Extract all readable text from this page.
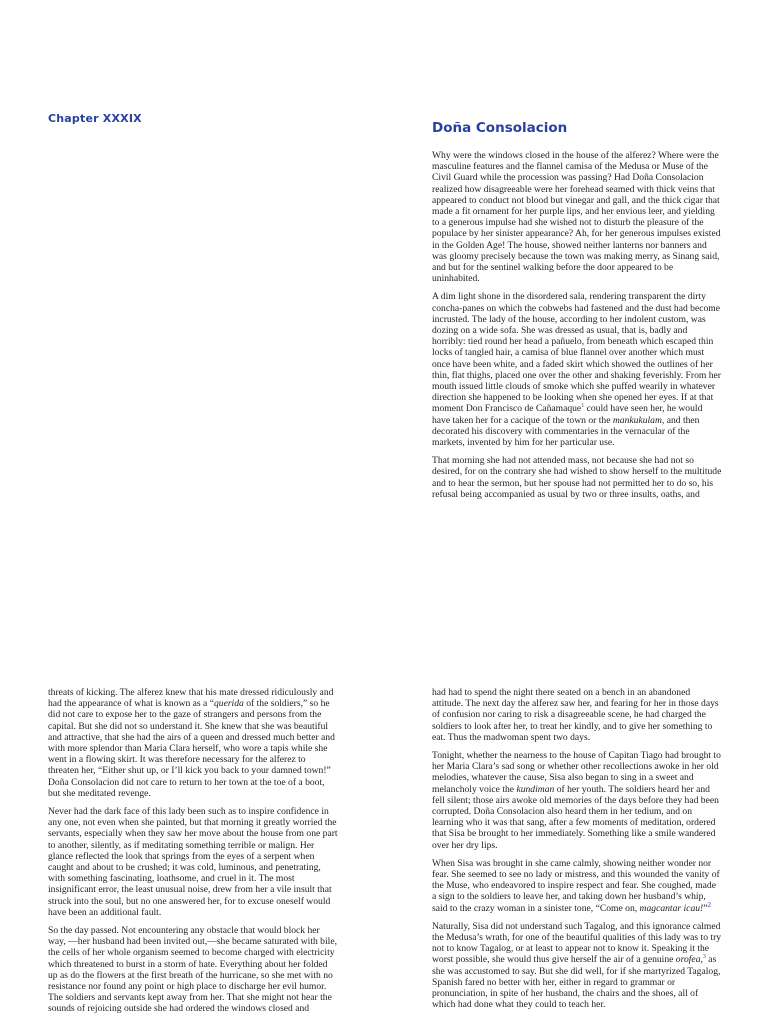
Chapter XXXIX
Doña Consolacion

Why were the windows closed in the house of the alferez? Where were the masculine features and the flannel camisa of the Medusa or Muse of the Civil Guard while the procession was passing? Had Doña Consolacion realized how disagreeable were her forehead seamed with thick veins that appeared to conduct not blood but vinegar and gall, and the thick cigar that made a fit ornament for her purple lips, and her envious leer, and yielding to a generous impulse had she wished not to disturb the pleasure of the populace by her sinister appearance? Ah, for her generous impulses existed in the Golden Age! The house, showed neither lanterns nor banners and was gloomy precisely because the town was making merry, as Sinang said, and but for the sentinel walking before the door appeared to be uninhabited.

A dim light shone in the disordered sala, rendering transparent the dirty concha-panes on which the cobwebs had fastened and the dust had become incrusted. The lady of the house, according to her indolent custom, was dozing on a wide sofa. She was dressed as usual, that is, badly and horribly: tied round her head a pañuelo, from beneath which escaped thin locks of tangled hair, a camisa of blue flannel over another which must once have been white, and a faded skirt which showed the outlines of her thin, flat thighs, placed one over the other and shaking feverishly. From her mouth issued little clouds of smoke which she puffed wearily in whatever direction she happened to be looking when she opened her eyes. If at that moment Don Francisco de Cañamaque$^1$ could have seen her, he would have taken her for a cacique of the town or the mankukulam, and then decorated his discovery with commentaries in the vernacular of the markets, invented by him for her particular use.

That morning she had not attended mass, not because she had not so desired, for on the contrary she had wished to show herself to the multitude and to hear the sermon, but her spouse had not permitted her to do so, his refusal being accompanied as usual by two or three insults, oaths, and

threats of kicking. The alferez knew that his mate dressed ridiculously and had the appearance of what is known as a “querida of the soldiers,” so he did not care to expose her to the gaze of strangers and persons from the capital. But she did not so understand it. She knew that she was beautiful and attractive, that she had the airs of a queen and dressed much better and with more splendor than Maria Clara herself, who wore a tapis while she went in a flowing skirt. It was therefore necessary for the alferez to threaten her, “Either shut up, or I’ll kick you back to your damned town!” Doña Consolacion did not care to return to her town at the toe of a boot, but she meditated revenge.

Never had the dark face of this lady been such as to inspire confidence in any one, not even when she painted, but that morning it greatly worried the servants, especially when they saw her move about the house from one part to another, silently, as if meditating something terrible or malign. Her glance reflected the look that springs from the eyes of a serpent when caught and about to be crushed; it was cold, luminous, and penetrating, with something fascinating, loathsome, and cruel in it. The most insignificant error, the least unusual noise, drew from her a vile insult that struck into the soul, but no one answered her, for to excuse oneself would have been an additional fault.

So the day passed. Not encountering any obstacle that would block her way, —her husband had been invited out,—she became saturated with bile, the cells of her whole organism seemed to become charged with electricity which threatened to burst in a storm of hate. Everything about her folded up as do the flowers at the first breath of the hurricane, so she met with no resistance nor found any point or high place to discharge her evil humor. The soldiers and servants kept away from her. That she might not hear the sounds of rejoicing outside she had ordered the windows closed and

had had to spend the night there seated on a bench in an abandoned attitude. The next day the alferez saw her, and fearing for her in those days of confusion nor caring to risk a disagreeable scene, he had charged the soldiers to look after her, to treat her kindly, and to give her something to eat. Thus the madwoman spent two days.

Tonight, whether the nearness to the house of Capitan Tiago had brought to her Maria Clara’s sad song or whether other recollections awoke in her old melodies, whatever the cause, Sisa also began to sing in a sweet and melancholy voice the kundiman of her youth. The soldiers heard her and fell silent; those airs awoke old memories of the days before they had been corrupted. Doña Consolacion also heard them in her tedium, and on learning who it was that sang, after a few moments of meditation, ordered that Sisa be brought to her immediately. Something like a smile wandered over her dry lips.

When Sisa was brought in she came calmly, showing neither wonder nor fear. She seemed to see no lady or mistress, and this wounded the vanity of the Muse, who endeavored to inspire respect and fear. She coughed, made a sign to the soldiers to leave her, and taking down her husband’s whip, said to the crazy woman in a sinister tone, “Come on, magcantar icau!”$^2$

Naturally, Sisa did not understand such Tagalog, and this ignorance calmed the Medusa’s wrath, for one of the beautiful qualities of this lady was to try not to know Tagalog, or at least to appear not to know it. Speaking it the worst possible, she would thus give herself the air of a genuine orofea,$^3$ as she was accustomed to say. But she did well, for if she martyrized Tagalog, Spanish fared no better with her, either in regard to grammar or pronunciation, in spite of her husband, the chairs and the shoes, all of which had done what they could to teach her.
